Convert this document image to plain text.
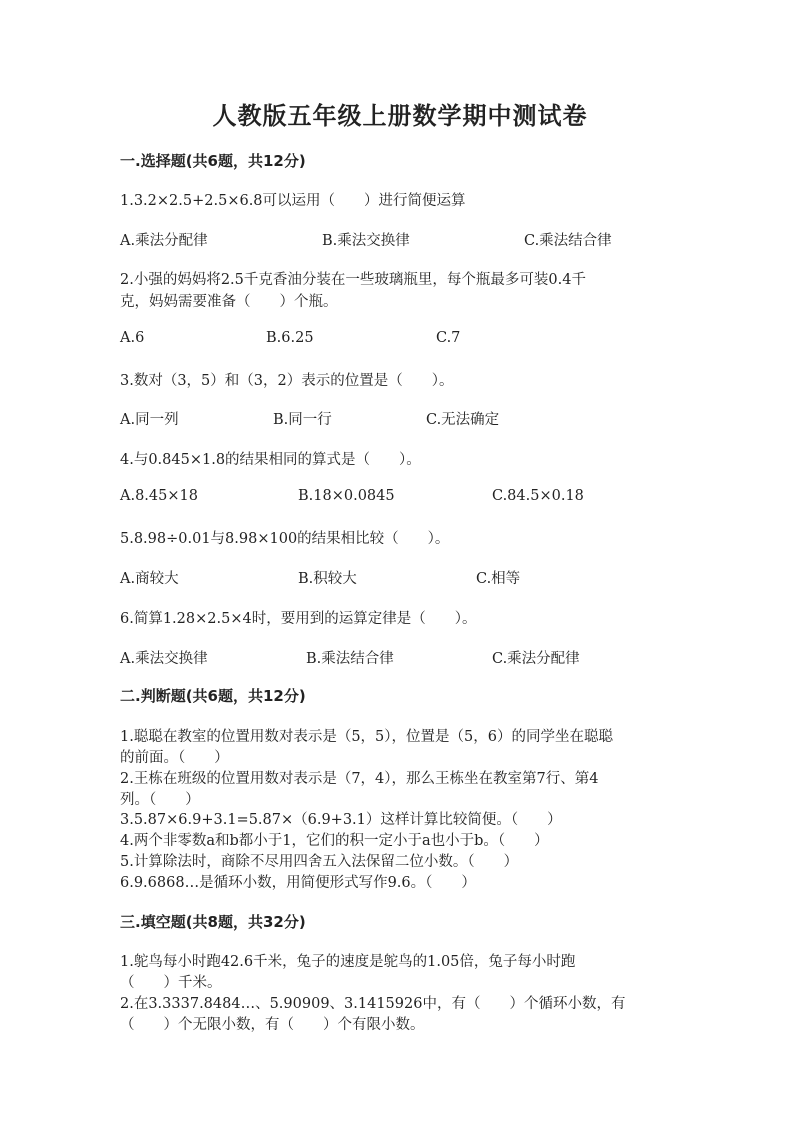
人教版五年级上册数学期中测试卷
一.选择题(共6题，共12分)
1.3.2×2.5+2.5×6.8可以运用（　　）进行简便运算
A.乘法分配律	B.乘法交换律	C.乘法结合律
2.小强的妈妈将2.5千克香油分装在一些玻璃瓶里，每个瓶最多可装0.4千
克，妈妈需要准备（　　）个瓶。
A.6	B.6.25	C.7
3.数对（3，5）和（3，2）表示的位置是（　　）。
A.同一列	B.同一行	C.无法确定
4.与0.845×1.8的结果相同的算式是（　　）。
A.8.45×18	B.18×0.0845	C.84.5×0.18
5.8.98÷0.01与8.98×100的结果相比较（　　）。
A.商较大	B.积较大	C.相等
6.简算1.28×2.5×4时，要用到的运算定律是（　　）。
A.乘法交换律	B.乘法结合律	C.乘法分配律
二.判断题(共6题，共12分)
1.聪聪在教室的位置用数对表示是（5，5），位置是（5，6）的同学坐在聪聪
的前面。（　　）
2.王栋在班级的位置用数对表示是（7，4），那么王栋坐在教室第7行、第4
列。（　　）
3.5.87×6.9+3.1=5.87×（6.9+3.1）这样计算比较简便。（　　）
4.两个非零数a和b都小于1，它们的积一定小于a也小于b。（　　）
5.计算除法时，商除不尽用四舍五入法保留二位小数。（　　）
6.9.6868…是循环小数，用简便形式写作9.6。（　　）
三.填空题(共8题，共32分)
1.鸵鸟每小时跑42.6千米，兔子的速度是鸵鸟的1.05倍，兔子每小时跑
（　　）千米。
2.在3.3337.8484…、5.90909、3.1415926中，有（　　）个循环小数，有
（　　）个无限小数，有（　　）个有限小数。
